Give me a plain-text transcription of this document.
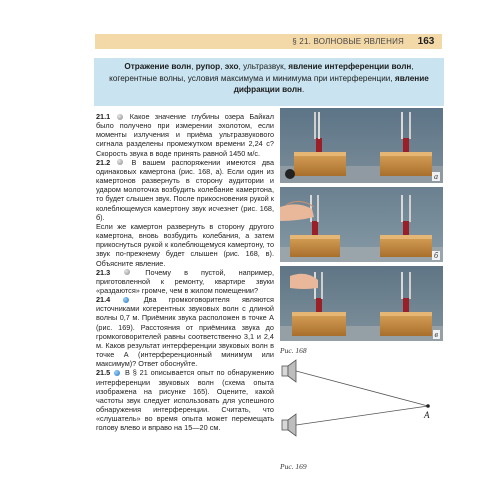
§ 21. ВОЛНОВЫЕ ЯВЛЕНИЯ	163
Отражение волн, рупор, эхо, ультразвук, явление интерференции волн, когерентные волны, условия максимума и минимума при интерференции, явление дифракции волн.

21.1	Какое значение глубины озера Байкал было получено при измерении эхолотом, если моменты излучения и приёма ультразвукового сигнала разделены промежутком времени 2,24 с? Скорость звука в воде принять равной 1450 м/с.

21.2	В вашем распоряжении имеются два одинаковых камертона (рис. 168, а). Если один из камертонов развернуть в сторону аудитории и ударом молоточка возбудить колебание камертона, то будет слышен звук. После прикосновения рукой к колеблющемуся камертону звук исчезнет (рис. 168, б).

Если же камертон развернуть в сторону другого камертона, вновь возбудить колебания, а затем прикоснуться рукой к колеблющемуся камертону, то звук по-прежнему будет слышен (рис. 168, в). Объясните явление.

21.3	Почему в пустой, например, приготовленной к ремонту, квартире звуки «раздаются» громче, чем в жилом помещении?

21.4	Два громкоговорителя являются источниками когерентных звуковых волн с длиной волны 0,7 м. Приёмник звука расположен в точке А (рис. 169). Расстояния от приёмника звука до громкоговорителей равны соответственно 3,1 и 2,4 м. Каков результат интерференции звуковых волн в точке А (интерференционный минимум или максимум)? Ответ обоснуйте.

21.5 В § 21 описывается опыт по обнаружению интерференции звуковых волн (схема опыта изображена на рисунке 165). Оцените, какой частоты звук следует использовать для успешного обнаружения интерференции. Считать, что «слушатель» во время опыта может перемещать голову влево и вправо на 15—20 см.

а
б
в
Рис. 168
A
Рис. 169
